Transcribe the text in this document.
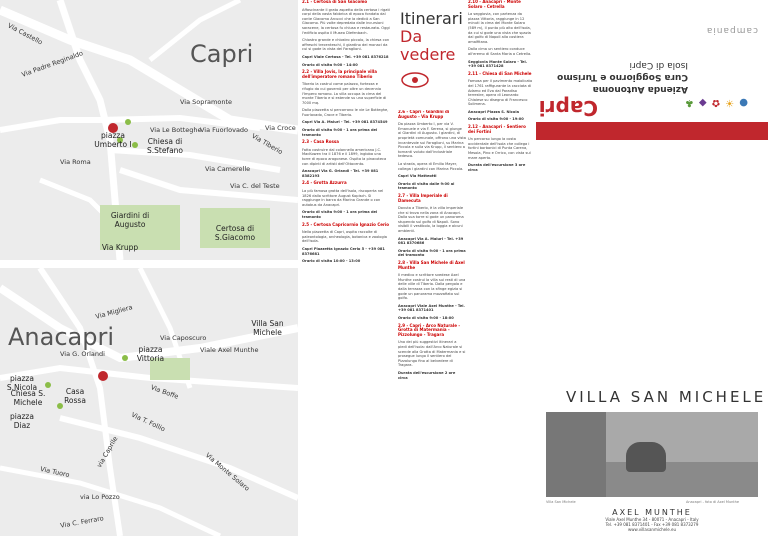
Capri
Via Castello
Via Padre Reginaldo
Via Sopramonte
Via Croce
Via Roma
Via Tiberio
Via Camerelle
Via Le Botteghe
Via Fuorlovado
Via C. del Teste
piazza Umberto I	Chiesa di S.Stefano
Giardini di Augusto
Via Krupp
Certosa di S.Giacomo
Anacapri
Via Migliera
Via G. Orlandi	Viale Axel Munthe
Via Caposcuro
Via Boffe
via Caprile
Via T. Follio
Via Monte Solaro
Via Tuoro
via Lo Pozzo
Via C. Ferraro
Villa San Michele
piazza S.Nicola
piazza Vittoria
Chiesa S. Michele
piazza Diaz
Casa Rossa

2.1 - Certosa di San Giacomo

Affascinante il grato aspetto della certosa i rigati corpi della vasta fabbrica di epoca fondata dal conte Giacomo Arcucci che la dedicò a San Giacomo. Più volte depredata dalle incursioni saracene, la certosa fu chiusa e restaurata. Oggi l'edificio ospita il Museo Diefenbach.

Chiostro grande e chiostro piccolo, la chiesa con affreschi trecenteschi, il giardino dei monaci da cui si gode la vista dei Faraglioni.

Capri Viale Certosa - Tel. +39 081 8376218

Orario di visita 9:00 - 14:00

2.2 - Villa Jovis, la principale villa dell'imperatore romano Tiberio

Tiberio la costruì come palazzo, fortezza e rifugio da cui governò per oltre un decennio l'Impero romano. La villa occupa la cima del monte Tiberio e si estende su una superficie di 7000 mq.

Dalla piazzetta si percorrono le vie Le Botteghe, Fuorlovado, Croce e Tiberio.

Capri Via A. Maiuri - Tel. +39 081 8374549

Orario di visita 9:00 - 1 ora prima del tramonto

2.3 - Casa Rossa

Fatta costruire dal colonnello americano J.C. MacKowen tra il 1876 e il 1899, ingloba una torre di epoca aragonese. Ospita la pinacoteca con dipinti di artisti dell'Ottocento.

Anacapri Via G. Orlandi - Tel. +39 081 8382193

2.4 - Grotta Azzurra

La più famosa grotta dell'isola, riscoperta nel 1826 dallo scrittore August Kopisch. Si raggiunge in barca da Marina Grande o con autobus da Anacapri.

Orario di visita 9:00 - 1 ora prima del tramonto

2.5 - Certosa Capricornio Ignazio Cerio

Nella piazzetta di Capri, ospita raccolte di paleontologia, archeologia, botanica e zoologia dell'isola.

Capri Piazzetta Ignazio Cerio 5 - +39 081 8376681

Orario di visita 10:00 - 13:00

2.6 - Capri - Giardini di Augusto - Via Krupp

Da piazza Umberto I, per via V. Emanuele e via F. Serena, si giunge ai Giardini di Augusto. I giardini, di proprietà comunale, offrono una vista incantevole sui Faraglioni, su Marina Piccola e sulla via Krupp, il sentiero a tornanti voluto dall'industriale tedesco.

La strada, opera di Emilio Mayer, collega i giardini con Marina Piccola.

Capri Via Matteotti

Orario di visita dalle 9:00 al tramonto

2.7 - Villa Imperiale di Damecuta

Dovuta a Tiberio, è la villa imperiale che si trova nella zona di Anacapri. Dalla sua torre si gode un panorama stupendo sul golfo di Napoli. Sono visibili il vestibolo, la loggia e alcuni ambienti.

Anacapri Via A. Maiuri - Tel. +39 081 8370686

Orario di visita 9:00 - 1 ora prima del tramonto

2.8 - Villa San Michele di Axel Munthe

Il medico e scrittore svedese Axel Munthe costruì la villa sui resti di una delle ville di Tiberio. Dalla pergola e dalla terrazza con la sfinge egizia si gode un panorama mozzafiato sul golfo.

Anacapri Viale Axel Munthe - Tel. +39 081 8371401

Orario di visita 9:00 - 18:00

2.9 - Capri - Arco Naturale - Grotta di Matermania - Pizzolungo - Tragara

Uno dei più suggestivi itinerari a piedi dell'isola: dall'Arco Naturale si scende alla Grotta di Matermania e si prosegue lungo il sentiero del Pizzolungo fino al belvedere di Tragara.

Durata dell'escursione 2 ore circa

2.10 - Anacapri - Monte Solaro - Cetrella

La seggiovia, con partenza da piazza Vittoria, raggiunge in 12 minuti la cima del Monte Solaro (589 m), il punto più alto dell'isola, da cui si gode una vista che spazia dal golfo di Napoli alla costiera amalfitana.

Dalla cima un sentiero conduce all'eremo di Santa Maria a Cetrella.

Seggiovia Monte Solaro - Tel. +39 081 8371428

2.11 - Chiesa di San Michele

Famosa per il pavimento maiolicato del 1761 raffigurante la cacciata di Adamo ed Eva dal Paradiso terrestre, opera di Leonardo Chiaiese su disegno di Francesco Solimena.

Anacapri Piazza S. Nicola

Orario di visita 9:00 - 19:00

2.12 - Anacapri - Sentiero dei Fortini

Un percorso lungo la costa occidentale dell'isola che collega i fortini borbonici di Punta Carena, Mesola, Pino e Orrico, con vista sul mare aperto.

Durata dell'escursione 3 ore circa

Itinerari
Da vedere
campania
Capri
Azienda Autonoma
Cura Soggiorno e Turismo
Isola di Capri
● ☀ ✿ ◆ ♣
VILLA SAN MICHELE
Villa San Michele	Anacapri - foto di Axel Munthe
AXEL MUNTHE
Viale Axel Munthe 34 - 80071 - Anacapri - Italy
Tel. +39 081 8371401 - Fax +39 081 8373279
www.villasanmichele.eu
